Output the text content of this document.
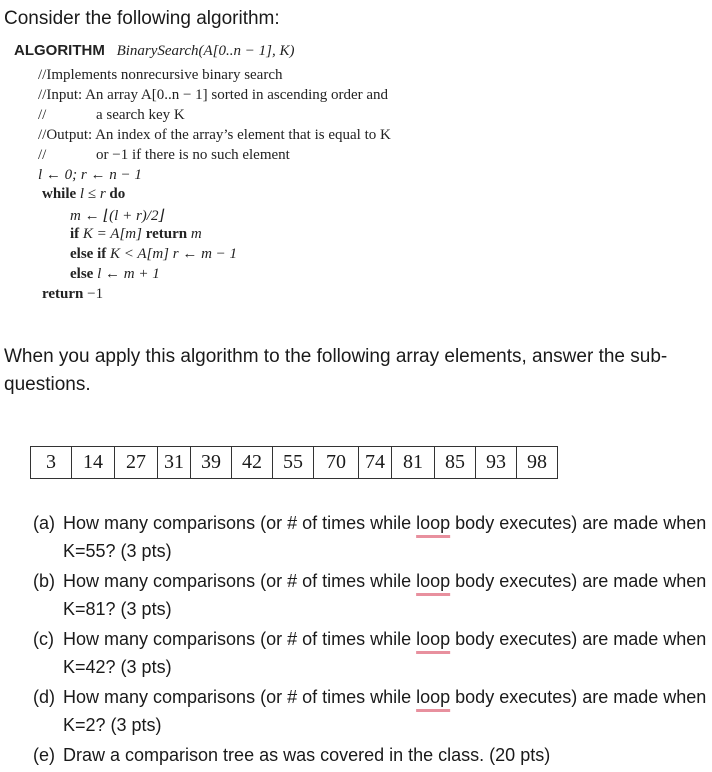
Consider the following algorithm:
ALGORITHM BinarySearch(A[0..n − 1], K)
//Implements nonrecursive binary search
//Input: An array A[0..n − 1] sorted in ascending order and
//	a search key K
//Output: An index of the array’s element that is equal to K
//	or −1 if there is no such element
l ← 0; r ← n − 1
while l ≤ r do
m ← ⌊(l + r)/2⌋
if K = A[m] return m
else if K < A[m] r ← m − 1
else l ← m + 1
return −1
When you apply this algorithm to the following array elements, answer the sub-questions.
3	14	27 31 39	42	55	70 74 81	85	93	98
(a) How many comparisons (or # of times while loop body executes) are made when K=55? (3 pts)
(b) How many comparisons (or # of times while loop body executes) are made when K=81? (3 pts)
(c) How many comparisons (or # of times while loop body executes) are made when K=42? (3 pts)
(d) How many comparisons (or # of times while loop body executes) are made when K=2? (3 pts)
(e) Draw a comparison tree as was covered in the class. (20 pts)
